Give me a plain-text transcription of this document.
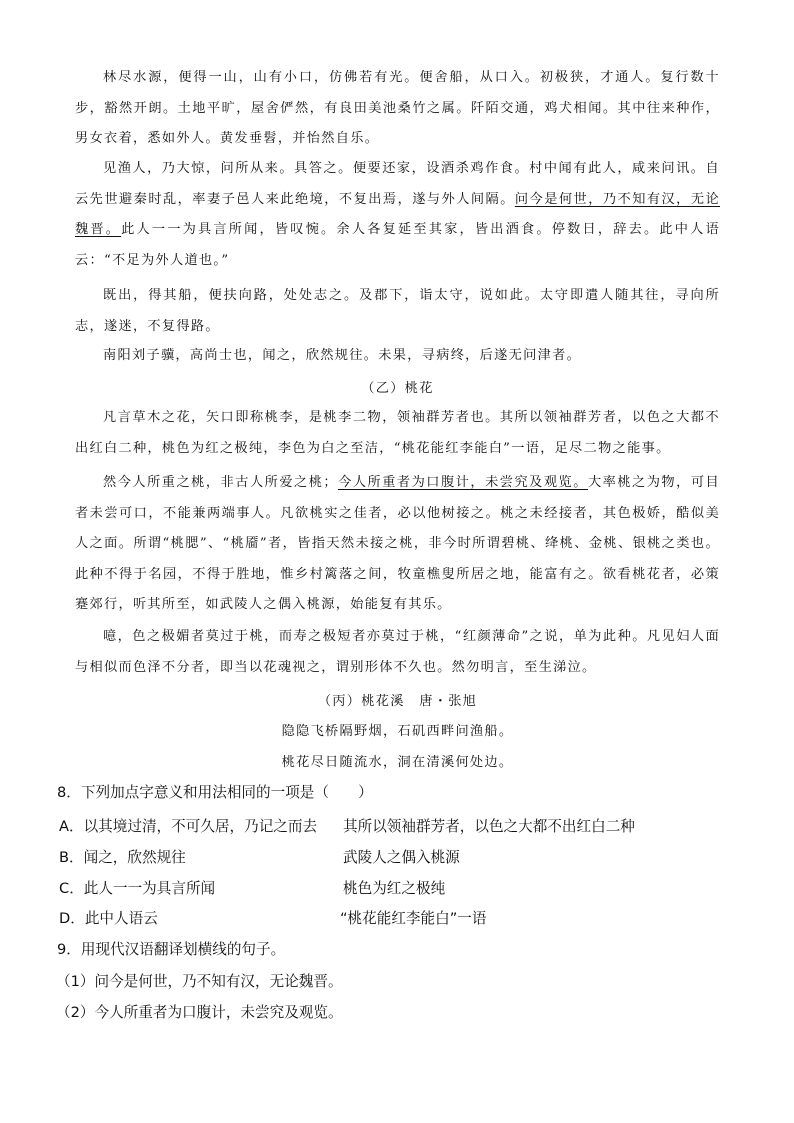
林尽水源，便得一山，山有小口，仿佛若有光。便舍船，从口入。初极狭，才通人。复行数十步，豁然开朗。土地平旷，屋舍俨然，有良田美池桑竹之属。阡陌交通，鸡犬相闻。其中往来种作，男女衣着，悉如外人。黄发垂髫，并怡然自乐。

见渔人，乃大惊，问所从来。具答之。便要还家，设酒杀鸡作食。村中闻有此人，咸来问讯。自云先世避秦时乱，率妻子邑人来此绝境，不复出焉，遂与外人间隔。问今是何世，乃不知有汉，无论魏晋。此人一一为具言所闻，皆叹惋。余人各复延至其家，皆出酒食。停数日，辞去。此中人语云：“不足为外人道也。”

既出，得其船，便扶向路，处处志之。及郡下，诣太守，说如此。太守即遣人随其往，寻向所志，遂迷，不复得路。

南阳刘子骥，高尚士也，闻之，欣然规往。未果，寻病终，后遂无问津者。

（乙）桃花

凡言草木之花，矢口即称桃李，是桃李二物，领袖群芳者也。其所以领袖群芳者，以色之大都不出红白二种，桃色为红之极纯，李色为白之至洁，“桃花能红李能白”一语，足尽二物之能事。

然今人所重之桃，非古人所爱之桃；今人所重者为口腹计，未尝究及观览。大率桃之为物，可目者未尝可口，不能兼两端事人。凡欲桃实之佳者，必以他树接之。桃之未经接者，其色极娇，酷似美人之面。所谓“桃腮”、“桃靥”者，皆指天然未接之桃，非今时所谓碧桃、绛桃、金桃、银桃之类也。此种不得于名园，不得于胜地，惟乡村篱落之间，牧童樵叟所居之地，能富有之。欲看桃花者，必策蹇郊行，听其所至，如武陵人之偶入桃源，始能复有其乐。

噫，色之极媚者莫过于桃，而寿之极短者亦莫过于桃，“红颜薄命”之说，单为此种。凡见妇人面与相似而色泽不分者，即当以花魂视之，谓别形体不久也。然勿明言，至生涕泣。

（丙）桃花溪　唐・张旭

隐隐飞桥隔野烟，石矶西畔问渔船。

桃花尽日随流水，洞在清溪何处边。

8．下列加点字意义和用法相同的一项是（　　）

A．以其境过清，不可久居，乃记之而去 其所以领袖群芳者，以色之大都不出红白二种

B．闻之，欣然规往	武陵人之偶入桃源

C．此人一一为具言所闻	桃色为红之极纯

D．此中人语云	“桃花能红李能白”一语

9．用现代汉语翻译划横线的句子。

（1）问今是何世，乃不知有汉，无论魏晋。

（2）今人所重者为口腹计，未尝究及观览。
